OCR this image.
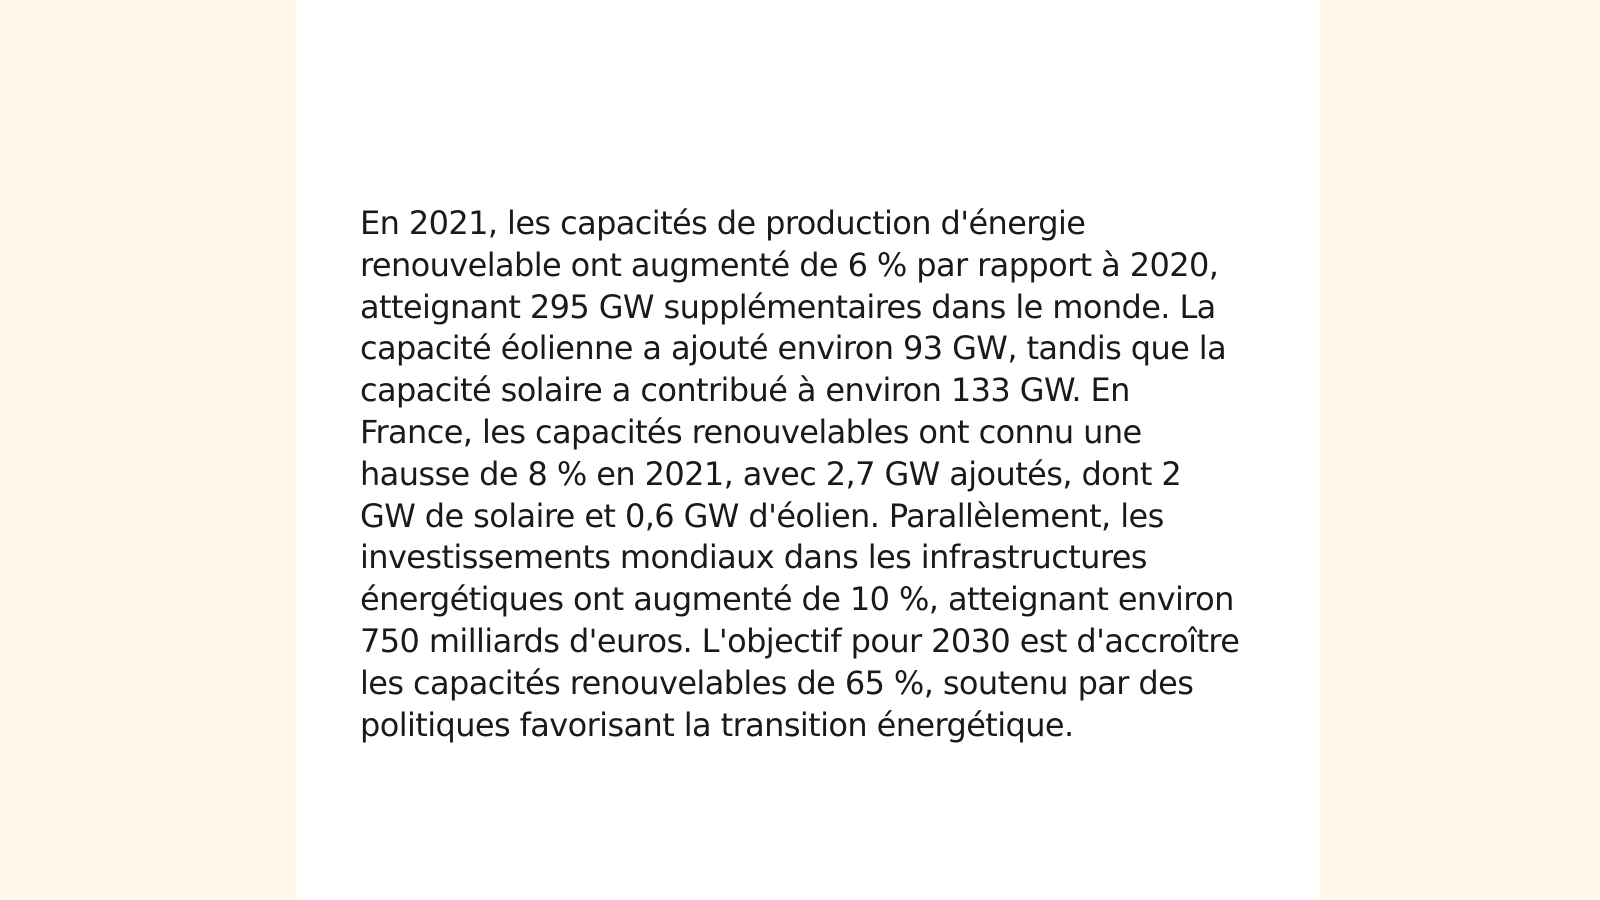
En 2021, les capacités de production d'énergie renouvelable ont augmenté de 6 % par rapport à 2020, atteignant 295 GW supplémentaires dans le monde. La capacité éolienne a ajouté environ 93 GW, tandis que la capacité solaire a contribué à environ 133 GW. En France, les capacités renouvelables ont connu une hausse de 8 % en 2021, avec 2,7 GW ajoutés, dont 2 GW de solaire et 0,6 GW d'éolien. Parallèlement, les investissements mondiaux dans les infrastructures énergétiques ont augmenté de 10 %, atteignant environ 750 milliards d'euros. L'objectif pour 2030 est d'accroître les capacités renouvelables de 65 %, soutenu par des politiques favorisant la transition énergétique.
